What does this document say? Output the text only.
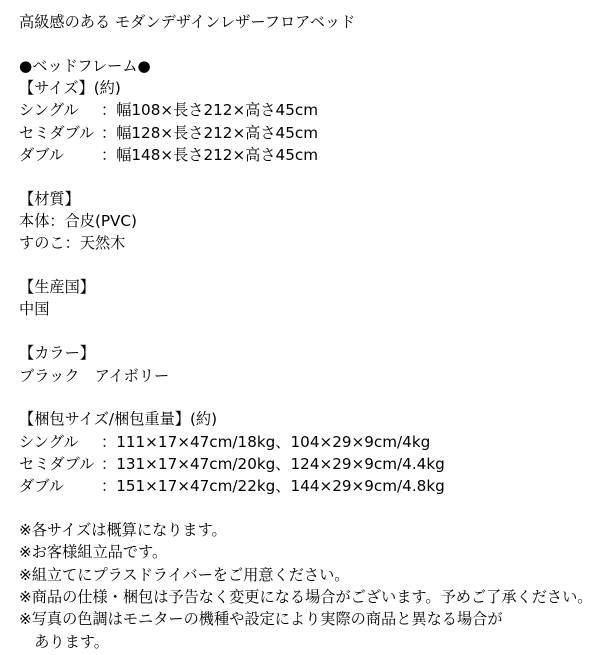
高級感のある モダンデザインレザーフロアベッド
●ベッドフレーム●
【サイズ】(約)
シングル	：幅108×長さ212×高さ45cm
セミダブル ：幅128×長さ212×高さ45cm
ダブル	：幅148×長さ212×高さ45cm
【材質】
本体：合皮(PVC)
すのこ：天然木
【生産国】
中国
【カラー】
ブラック　アイボリー
【梱包サイズ/梱包重量】(約)
シングル	：111×17×47cm/18kg、104×29×9cm/4kg
セミダブル ：131×17×47cm/20kg、124×29×9cm/4.4kg
ダブル	：151×17×47cm/22kg、144×29×9cm/4.8kg
※各サイズは概算になります。
※お客様組立品です。
※組立てにプラスドライバーをご用意ください。
※商品の仕様・梱包は予告なく変更になる場合がございます。予めご了承ください。
※写真の色調はモニターの機種や設定により実際の商品と異なる場合が
　あります。
